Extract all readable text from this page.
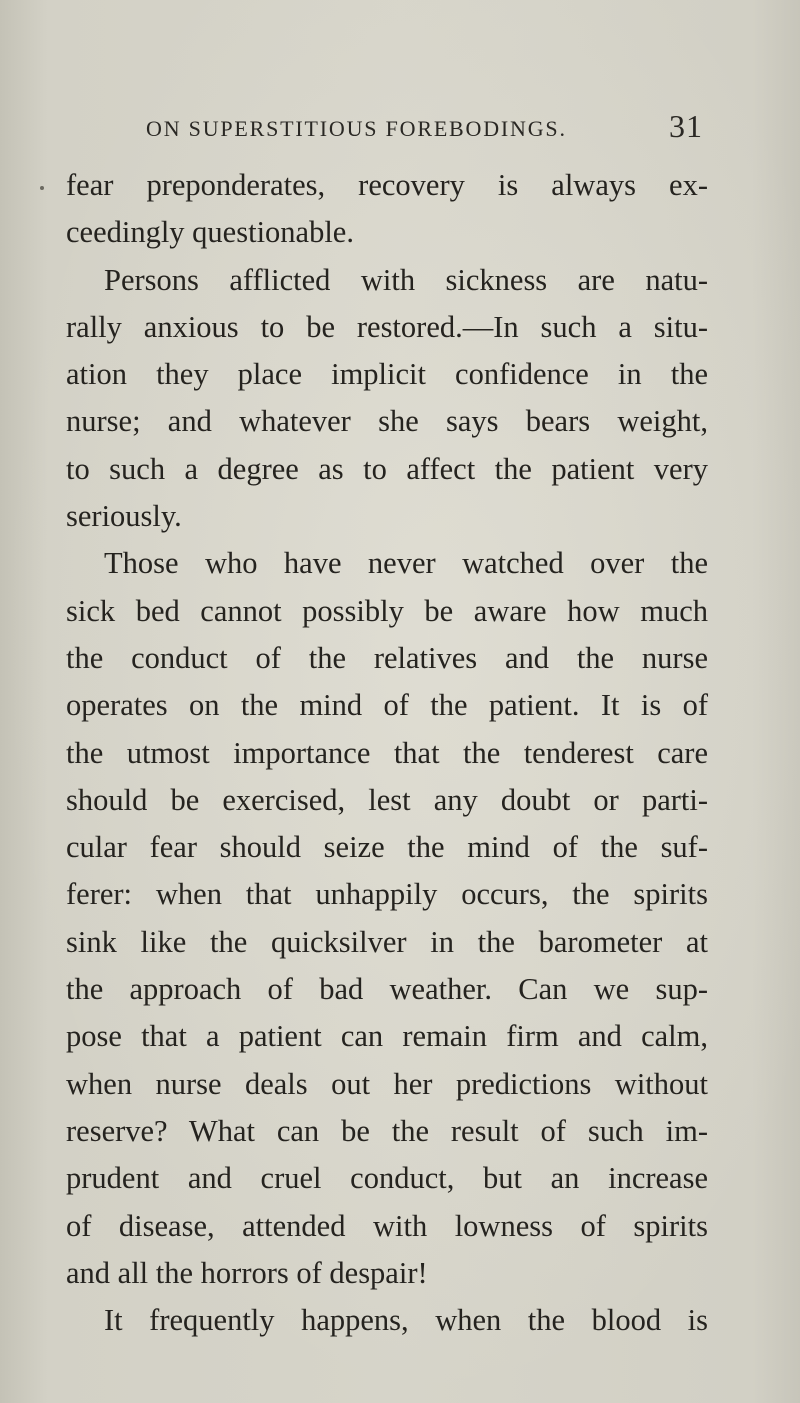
ON SUPERSTITIOUS FOREBODINGS.	31
fear preponderates, recovery is always ex-
ceedingly questionable.
Persons afflicted with sickness are natu-
rally anxious to be restored.—In such a situ-
ation they place implicit confidence in the
nurse; and whatever she says bears weight,
to such a degree as to affect the patient very
seriously.
Those who have never watched over the
sick bed cannot possibly be aware how much
the conduct of the relatives and the nurse
operates on the mind of the patient. It is of
the utmost importance that the tenderest care
should be exercised, lest any doubt or parti-
cular fear should seize the mind of the suf-
ferer: when that unhappily occurs, the spirits
sink like the quicksilver in the barometer at
the approach of bad weather. Can we sup-
pose that a patient can remain firm and calm,
when nurse deals out her predictions without
reserve? What can be the result of such im-
prudent and cruel conduct, but an increase
of disease, attended with lowness of spirits
and all the horrors of despair!
It frequently happens, when the blood is
